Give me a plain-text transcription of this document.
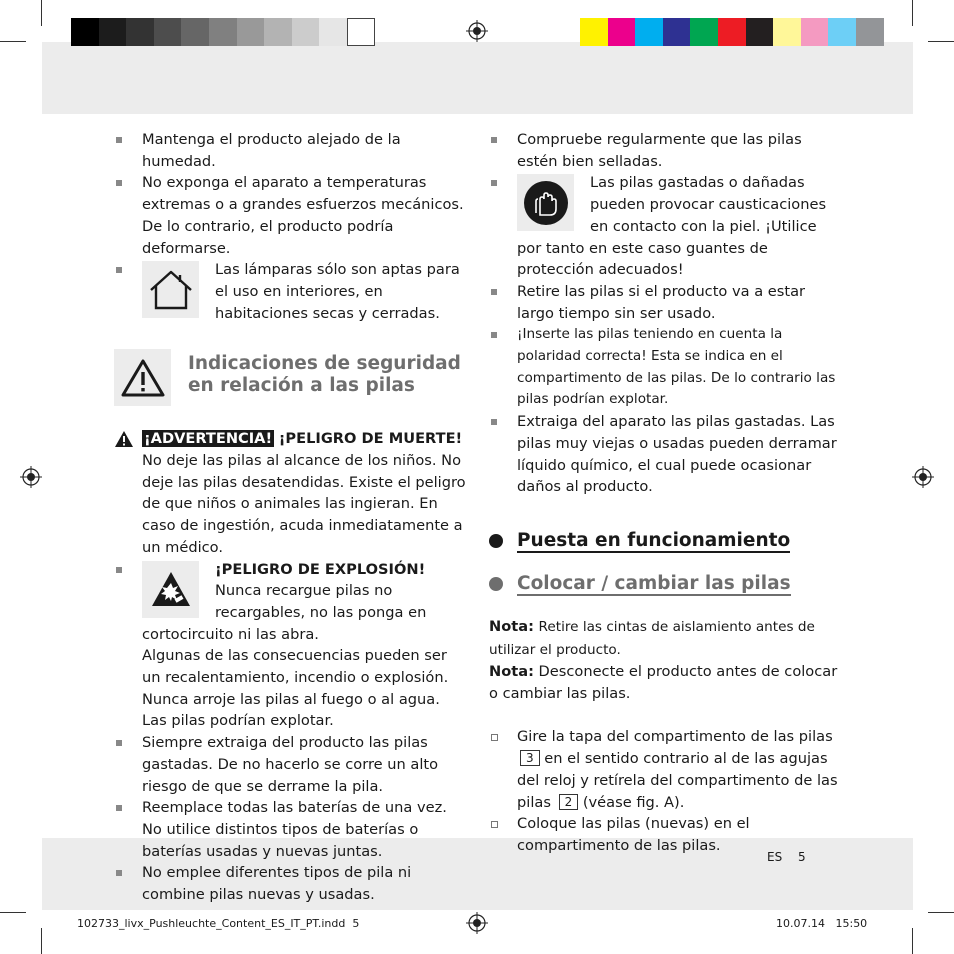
Mantenga el producto alejado de la humedad.
No exponga el aparato a temperaturas extremas o a grandes esfuerzos mecánicos. De lo contrario, el producto podría deformarse.
Las lámparas sólo son aptas para el uso en interiores, en habitaciones secas y cerradas.
Indicaciones de seguridad en relación a las pilas
¡ADVERTENCIA! ¡PELIGRO DE MUERTE! No deje las pilas al alcance de los niños. No deje las pilas desatendidas. Existe el peligro de que niños o animales las ingieran. En caso de ingestión, acuda inmediatamente a un médico.
¡PELIGRO DE EXPLOSIÓN! Nunca recargue pilas no recargables, no las ponga en cortocircuito ni las abra.
Algunas de las consecuencias pueden ser un recalentamiento, incendio o explosión. Nunca arroje las pilas al fuego o al agua. Las pilas podrían explotar.
Siempre extraiga del producto las pilas gastadas. De no hacerlo se corre un alto riesgo de que se derrame la pila.
Reemplace todas las baterías de una vez. No utilice distintos tipos de baterías o baterías usadas y nuevas juntas.
No emplee diferentes tipos de pila ni combine pilas nuevas y usadas.
Compruebe regularmente que las pilas estén bien selladas.
Las pilas gastadas o dañadas pueden provocar causticaciones en contacto con la piel. ¡Utilice por tanto en este caso guantes de protección adecuados!
Retire las pilas si el producto va a estar largo tiempo sin ser usado.
¡Inserte las pilas teniendo en cuenta la polaridad correcta! Esta se indica en el compartimento de las pilas. De lo contrario las pilas podrían explotar.
Extraiga del aparato las pilas gastadas. Las pilas muy viejas o usadas pueden derramar líquido químico, el cual puede ocasionar daños al producto.
Puesta en funcionamiento
Colocar / cambiar las pilas
Nota: Retire las cintas de aislamiento antes de utilizar el producto.
Nota: Desconecte el producto antes de colocar o cambiar las pilas.
Gire la tapa del compartimento de las pilas 3 en el sentido contrario al de las agujas del reloj y retírela del compartimento de las pilas 2 (véase fig. A).
Coloque las pilas (nuevas) en el compartimento de las pilas.
ES 5
102733_livx_Pushleuchte_Content_ES_IT_PT.indd 5	10.07.14 15:50
